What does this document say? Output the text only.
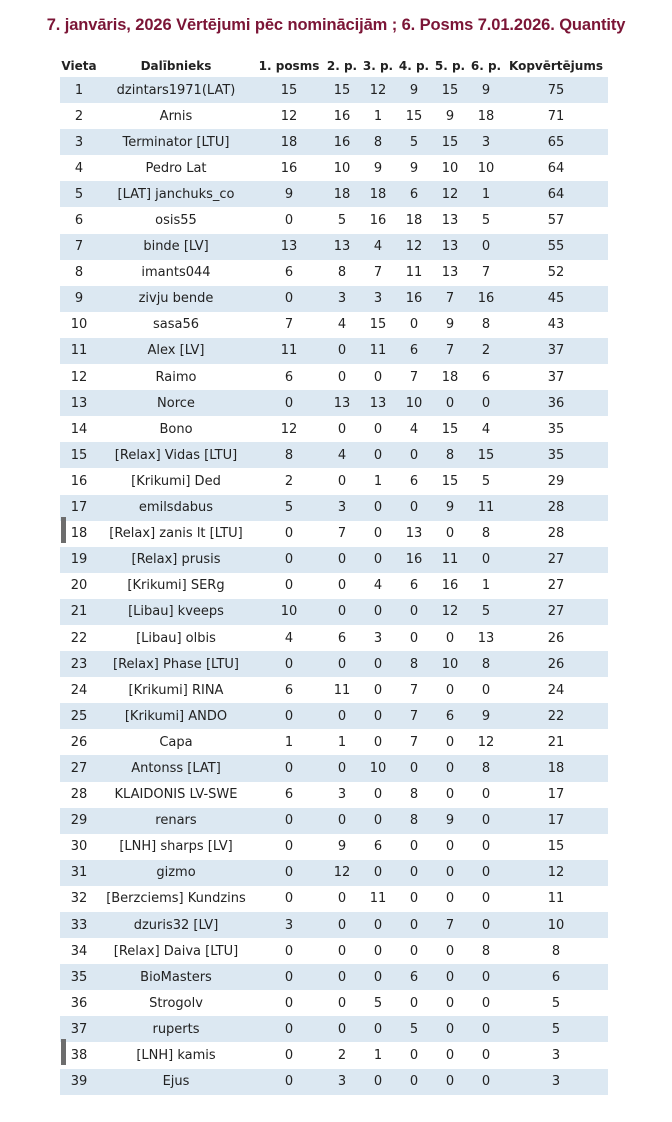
7. janvāris, 2026 Vērtējumi pēc nominācijām ; 6. Posms 7.01.2026. Quantity
Vieta	Dalībnieks	1. posms	2. p.	3. p.	4. p.	5. p.	6. p.	Kopvērtējums
1	dzintars1971(LAT)	15	15	12	9	15	9	75
2	Arnis	12	16	1	15	9	18	71
3	Terminator [LTU]	18	16	8	5	15	3	65
4	Pedro Lat	16	10	9	9	10	10	64
5	[LAT] janchuks_co	9	18	18	6	12	1	64
6	osis55	0	5	16	18	13	5	57
7	binde [LV]	13	13	4	12	13	0	55
8	imants044	6	8	7	11	13	7	52
9	zivju bende	0	3	3	16	7	16	45
10	sasa56	7	4	15	0	9	8	43
11	Alex [LV]	11	0	11	6	7	2	37
12	Raimo	6	0	0	7	18	6	37
13	Norce	0	13	13	10	0	0	36
14	Bono	12	0	0	4	15	4	35
15	[Relax] Vidas [LTU]	8	4	0	0	8	15	35
16	[Krikumi] Ded	2	0	1	6	15	5	29
17	emilsdabus	5	3	0	0	9	11	28
18	[Relax] zanis lt [LTU]	0	7	0	13	0	8	28
19	[Relax] prusis	0	0	0	16	11	0	27
20	[Krikumi] SERg	0	0	4	6	16	1	27
21	[Libau] kveeps	10	0	0	0	12	5	27
22	[Libau] olbis	4	6	3	0	0	13	26
23	[Relax] Phase [LTU]	0	0	0	8	10	8	26
24	[Krikumi] RINA	6	11	0	7	0	0	24
25	[Krikumi] ANDO	0	0	0	7	6	9	22
26	Capa	1	1	0	7	0	12	21
27	Antonss [LAT]	0	0	10	0	0	8	18
28	KLAIDONIS LV-SWE	6	3	0	8	0	0	17
29	renars	0	0	0	8	9	0	17
30	[LNH] sharps [LV]	0	9	6	0	0	0	15
31	gizmo	0	12	0	0	0	0	12
32	[Berzciems] Kundzins	0	0	11	0	0	0	11
33	dzuris32 [LV]	3	0	0	0	7	0	10
34	[Relax] Daiva [LTU]	0	0	0	0	0	8	8
35	BioMasters	0	0	0	6	0	0	6
36	Strogolv	0	0	5	0	0	0	5
37	ruperts	0	0	0	5	0	0	5
38	[LNH] kamis	0	2	1	0	0	0	3
39	Ejus	0	3	0	0	0	0	3
